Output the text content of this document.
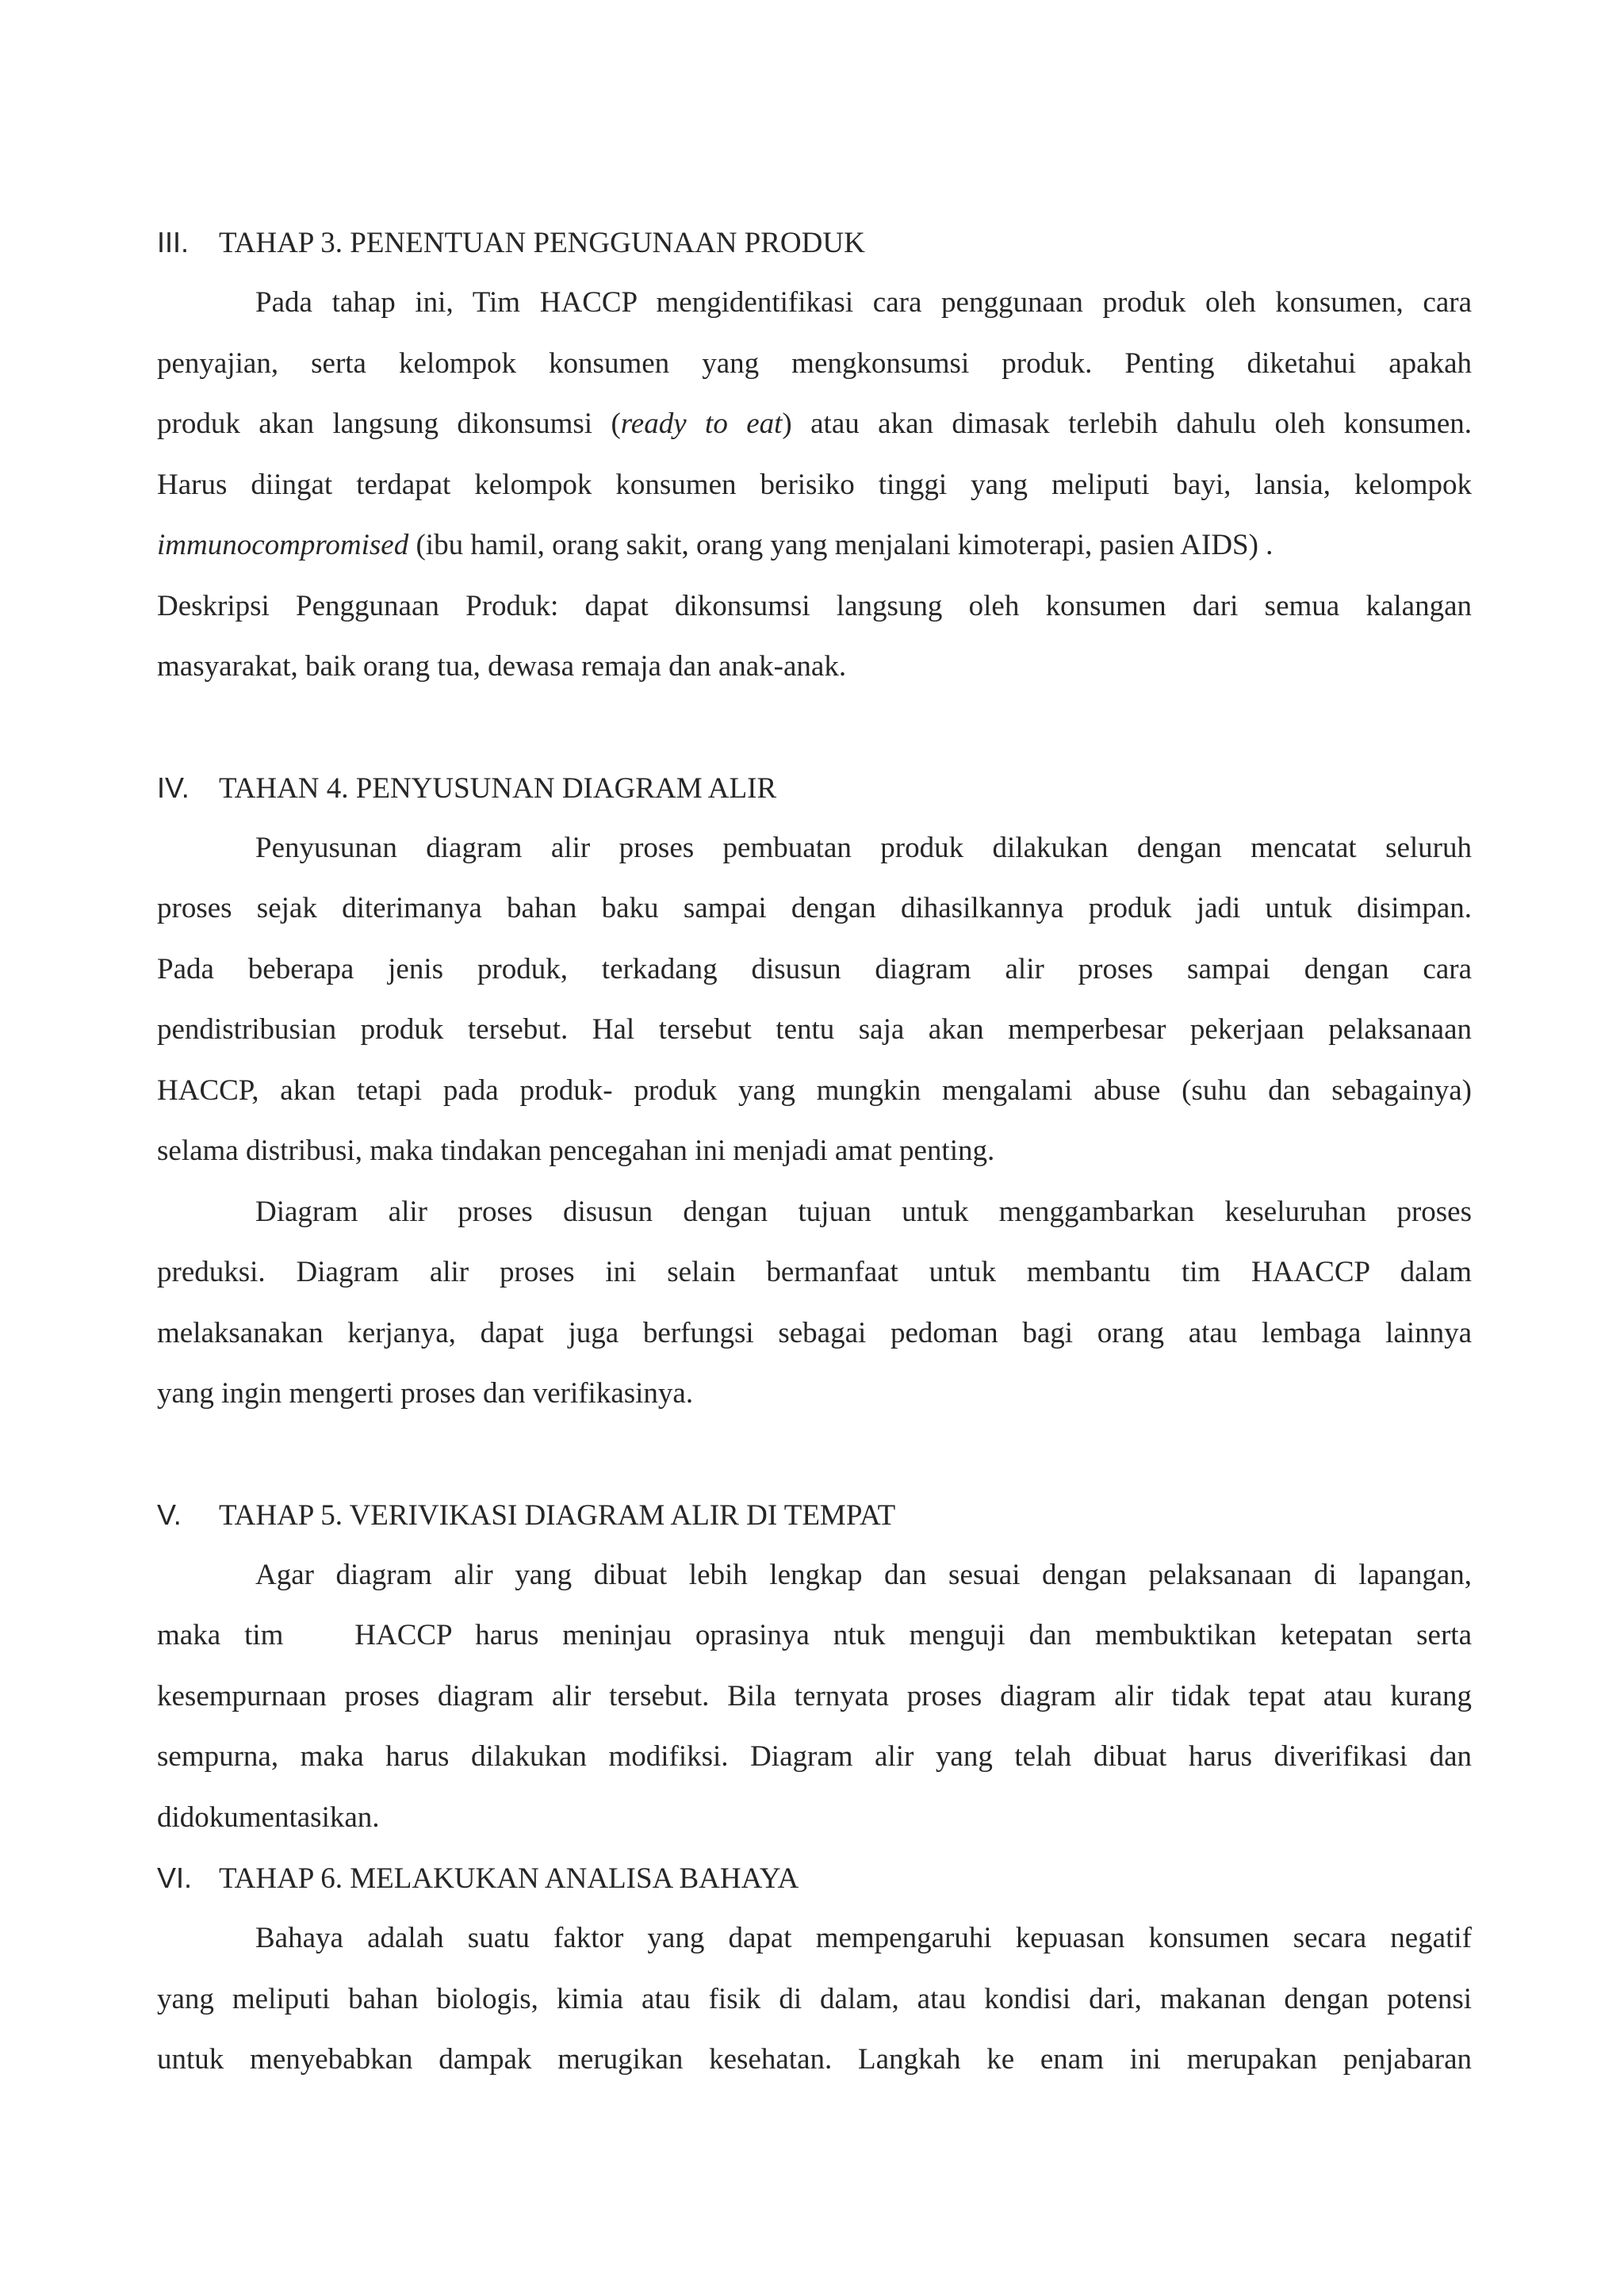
III.	TAHAP 3. PENENTUAN PENGGUNAAN PRODUK

Pada tahap ini, Tim HACCP mengidentifikasi cara penggunaan produk oleh konsumen, cara
penyajian, serta kelompok konsumen yang mengkonsumsi produk. Penting diketahui apakah
produk akan langsung dikonsumsi (ready to eat) atau akan dimasak terlebih dahulu oleh konsumen.
Harus diingat terdapat kelompok konsumen berisiko tinggi yang meliputi bayi, lansia, kelompok
immunocompromised (ibu hamil, orang sakit, orang yang menjalani kimoterapi, pasien AIDS) .
Deskripsi Penggunaan Produk: dapat dikonsumsi langsung oleh konsumen dari semua kalangan
masyarakat, baik orang tua, dewasa remaja dan anak-anak.

IV.	TAHAN 4. PENYUSUNAN DIAGRAM ALIR

Penyusunan diagram alir proses pembuatan produk dilakukan dengan mencatat seluruh
proses sejak diterimanya bahan baku sampai dengan dihasilkannya produk jadi untuk disimpan.
Pada beberapa jenis produk, terkadang disusun diagram alir proses sampai dengan cara
pendistribusian produk tersebut. Hal tersebut tentu saja akan memperbesar pekerjaan pelaksanaan
HACCP, akan tetapi pada produk- produk yang mungkin mengalami abuse (suhu dan sebagainya)
selama distribusi, maka tindakan pencegahan ini menjadi amat penting.

Diagram alir proses disusun dengan tujuan untuk menggambarkan keseluruhan proses
preduksi. Diagram alir proses ini selain bermanfaat untuk membantu tim HAACCP dalam
melaksanakan kerjanya, dapat juga berfungsi sebagai pedoman bagi orang atau lembaga lainnya
yang ingin mengerti proses dan verifikasinya.

V.	TAHAP 5. VERIVIKASI DIAGRAM ALIR DI TEMPAT

Agar diagram alir yang dibuat lebih lengkap dan sesuai dengan pelaksanaan di lapangan,
maka tim   HACCP harus meninjau oprasinya ntuk menguji dan membuktikan ketepatan serta
kesempurnaan proses diagram alir tersebut. Bila ternyata proses diagram alir tidak tepat atau kurang
sempurna, maka harus dilakukan modifiksi. Diagram alir yang telah dibuat harus diverifikasi dan
didokumentasikan.

VI. TAHAP 6. MELAKUKAN ANALISA BAHAYA

Bahaya adalah suatu faktor yang dapat mempengaruhi kepuasan konsumen secara negatif
yang meliputi bahan biologis, kimia atau fisik di dalam, atau kondisi dari, makanan dengan potensi
untuk menyebabkan dampak merugikan kesehatan. Langkah ke enam ini merupakan penjabaran
